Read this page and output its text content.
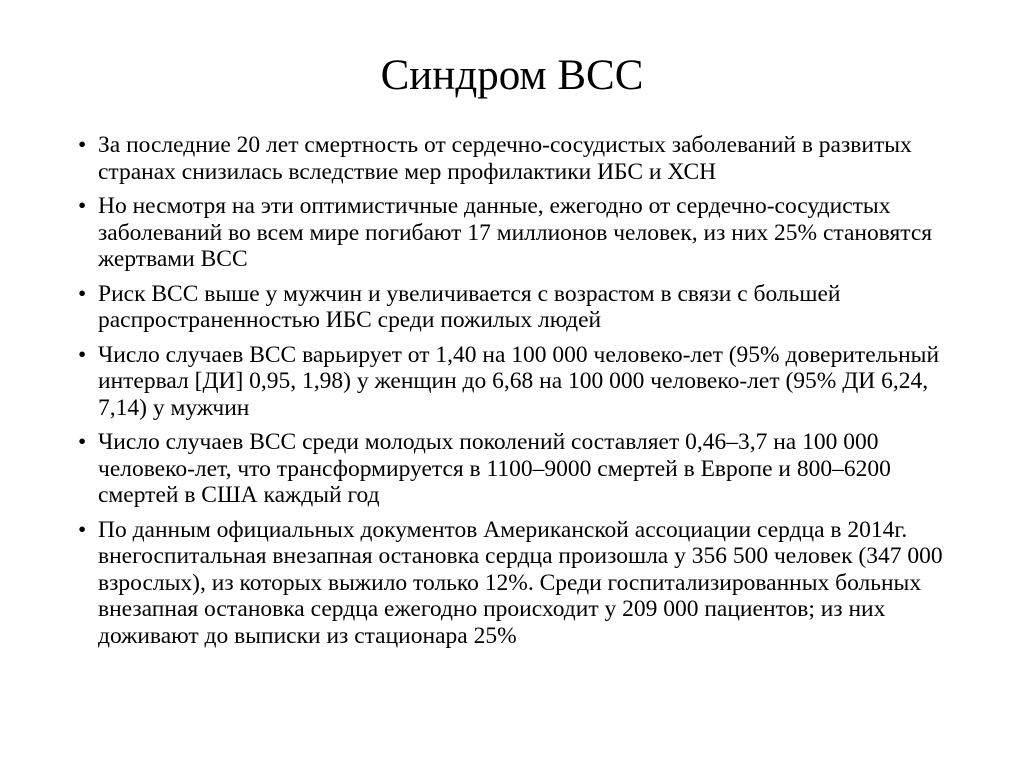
Синдром ВСС
• За последние 20 лет смертность от сердечно-сосудистых заболеваний в развитых странах снизилась вследствие мер профилактики ИБС и ХСН
• Но несмотря на эти оптимистичные данные, ежегодно от сердечно-сосудистых заболеваний во всем мире погибают 17 миллионов человек, из них 25% становятся жертвами ВСС
• Риск ВСС выше у мужчин и увеличивается с возрастом в связи с большей распространенностью ИБС среди пожилых людей
• Число случаев ВСС варьирует от 1,40 на 100 000 человеко-лет (95% доверительный интервал [ДИ] 0,95, 1,98) у женщин до 6,68 на 100 000 человеко-лет (95% ДИ 6,24, 7,14) у мужчин
• Число случаев ВСС среди молодых поколений составляет 0,46–3,7 на 100 000 человеко-лет, что трансформируется в 1100–9000 смертей в Европе и 800–6200 смертей в США каждый год
• По данным официальных документов Американской ассоциации сердца в 2014г. внегоспитальная внезапная остановка сердца произошла у 356 500 человек (347 000 взрослых), из которых выжило только 12%. Среди госпитализированных больных внезапная остановка сердца ежегодно происходит у 209 000 пациентов; из них доживают до выписки из стационара 25%
